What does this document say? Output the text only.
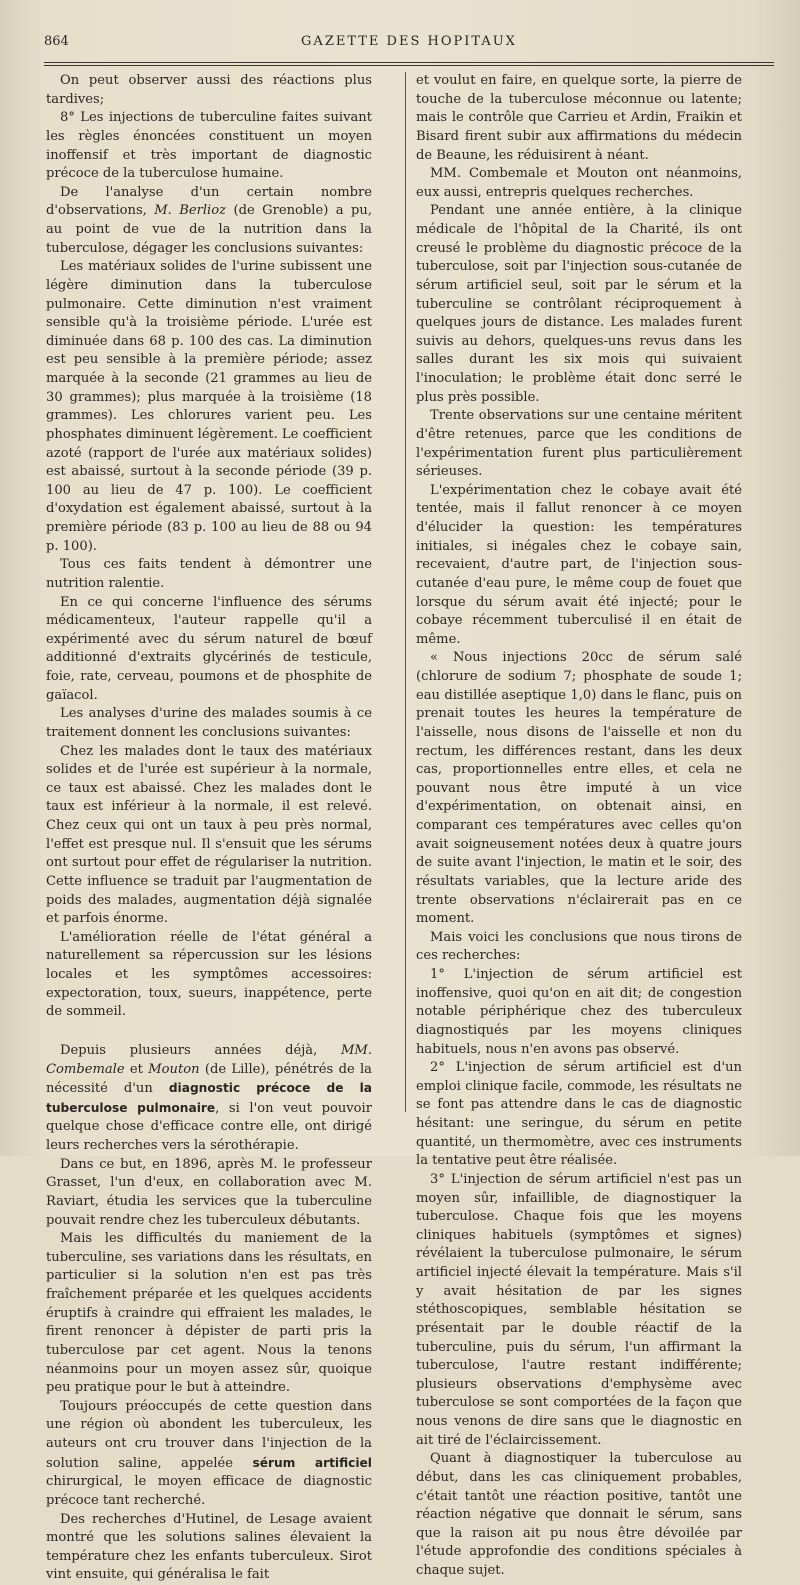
864	GAZETTE DES HOPITAUX

On peut observer aussi des réactions plus tardives;

8° Les injections de tuberculine faites suivant les règles énoncées constituent un moyen inoffensif et très important de diagnostic précoce de la tuberculose humaine.

De l'analyse d'un certain nombre d'observations, M. Berlioz (de Grenoble) a pu, au point de vue de la nutrition dans la tuberculose, dégager les conclusions suivantes:

Les matériaux solides de l'urine subissent une légère diminution dans la tuberculose pulmonaire. Cette diminution n'est vraiment sensible qu'à la troisième période. L'urée est diminuée dans 68 p. 100 des cas. La diminution est peu sensible à la première période; assez marquée à la seconde (21 grammes au lieu de 30 grammes); plus marquée à la troisième (18 grammes). Les chlorures varient peu. Les phosphates diminuent légèrement. Le coefficient azoté (rapport de l'urée aux matériaux solides) est abaissé, surtout à la seconde période (39 p. 100 au lieu de 47 p. 100). Le coefficient d'oxydation est également abaissé, surtout à la première période (83 p. 100 au lieu de 88 ou 94 p. 100).

Tous ces faits tendent à démontrer une nutrition ralentie.

En ce qui concerne l'influence des sérums médicamenteux, l'auteur rappelle qu'il a expérimenté avec du sérum naturel de bœuf additionné d'extraits glycérinés de testicule, foie, rate, cerveau, poumons et de phosphite de gaïacol.

Les analyses d'urine des malades soumis à ce traitement donnent les conclusions suivantes:

Chez les malades dont le taux des matériaux solides et de l'urée est supérieur à la normale, ce taux est abaissé. Chez les malades dont le taux est inférieur à la normale, il est relevé. Chez ceux qui ont un taux à peu près normal, l'effet est presque nul. Il s'ensuit que les sérums ont surtout pour effet de régulariser la nutrition. Cette influence se traduit par l'augmentation de poids des malades, augmentation déjà signalée et parfois énorme.

L'amélioration réelle de l'état général a naturellement sa répercussion sur les lésions locales et les symptômes accessoires: expectoration, toux, sueurs, inappétence, perte de sommeil.

Depuis plusieurs années déjà, MM. Combemale et Mouton (de Lille), pénétrés de la nécessité d'un diagnostic précoce de la tuberculose pulmonaire, si l'on veut pouvoir quelque chose d'efficace contre elle, ont dirigé leurs recherches vers la sérothérapie.

Dans ce but, en 1896, après M. le professeur Grasset, l'un d'eux, en collaboration avec M. Raviart, étudia les services que la tuberculine pouvait rendre chez les tuberculeux débutants.

Mais les difficultés du maniement de la tuberculine, ses variations dans les résultats, en particulier si la solution n'en est pas très fraîchement préparée et les quelques accidents éruptifs à craindre qui effraient les malades, le firent renoncer à dépister de parti pris la tuberculose par cet agent. Nous la tenons néanmoins pour un moyen assez sûr, quoique peu pratique pour le but à atteindre.

Toujours préoccupés de cette question dans une région où abondent les tuberculeux, les auteurs ont cru trouver dans l'injection de la solution saline, appelée sérum artificiel chirurgical, le moyen efficace de diagnostic précoce tant recherché.

Des recherches d'Hutinel, de Lesage avaient montré que les solutions salines élevaient la température chez les enfants tuberculeux. Sirot vint ensuite, qui généralisa le fait

et voulut en faire, en quelque sorte, la pierre de touche de la tuberculose méconnue ou latente; mais le contrôle que Carrieu et Ardin, Fraikin et Bisard firent subir aux affirmations du médecin de Beaune, les réduisirent à néant.

MM. Combemale et Mouton ont néanmoins, eux aussi, entrepris quelques recherches.

Pendant une année entière, à la clinique médicale de l'hôpital de la Charité, ils ont creusé le problème du diagnostic précoce de la tuberculose, soit par l'injection sous-cutanée de sérum artificiel seul, soit par le sérum et la tuberculine se contrôlant réciproquement à quelques jours de distance. Les malades furent suivis au dehors, quelques-uns revus dans les salles durant les six mois qui suivaient l'inoculation; le problème était donc serré le plus près possible.

Trente observations sur une centaine méritent d'être retenues, parce que les conditions de l'expérimentation furent plus particulièrement sérieuses.

L'expérimentation chez le cobaye avait été tentée, mais il fallut renoncer à ce moyen d'élucider la question: les températures initiales, si inégales chez le cobaye sain, recevaient, d'autre part, de l'injection sous-cutanée d'eau pure, le même coup de fouet que lorsque du sérum avait été injecté; pour le cobaye récemment tuberculisé il en était de même.

« Nous injections 20cc de sérum salé (chlorure de sodium 7; phosphate de soude 1; eau distillée aseptique 1,0) dans le flanc, puis on prenait toutes les heures la température de l'aisselle, nous disons de l'aisselle et non du rectum, les différences restant, dans les deux cas, proportionnelles entre elles, et cela ne pouvant nous être imputé à un vice d'expérimentation, on obtenait ainsi, en comparant ces températures avec celles qu'on avait soigneusement notées deux à quatre jours de suite avant l'injection, le matin et le soir, des résultats variables, que la lecture aride des trente observations n'éclairerait pas en ce moment.

Mais voici les conclusions que nous tirons de ces recherches:

1° L'injection de sérum artificiel est inoffensive, quoi qu'on en ait dit; de congestion notable périphérique chez des tuberculeux diagnostiqués par les moyens cliniques habituels, nous n'en avons pas observé.

2° L'injection de sérum artificiel est d'un emploi clinique facile, commode, les résultats ne se font pas attendre dans le cas de diagnostic hésitant: une seringue, du sérum en petite quantité, un thermomètre, avec ces instruments la tentative peut être réalisée.

3° L'injection de sérum artificiel n'est pas un moyen sûr, infaillible, de diagnostiquer la tuberculose. Chaque fois que les moyens cliniques habituels (symptômes et signes) révélaient la tuberculose pulmonaire, le sérum artificiel injecté élevait la température. Mais s'il y avait hésitation de par les signes stéthoscopiques, semblable hésitation se présentait par le double réactif de la tuberculine, puis du sérum, l'un affirmant la tuberculose, l'autre restant indifférente; plusieurs observations d'emphysème avec tuberculose se sont comportées de la façon que nous venons de dire sans que le diagnostic en ait tiré de l'éclaircissement.

Quant à diagnostiquer la tuberculose au début, dans les cas cliniquement probables, c'était tantôt une réaction positive, tantôt une réaction négative que donnait le sérum, sans que la raison ait pu nous être dévoilée par l'étude approfondie des conditions spéciales à chaque sujet.
